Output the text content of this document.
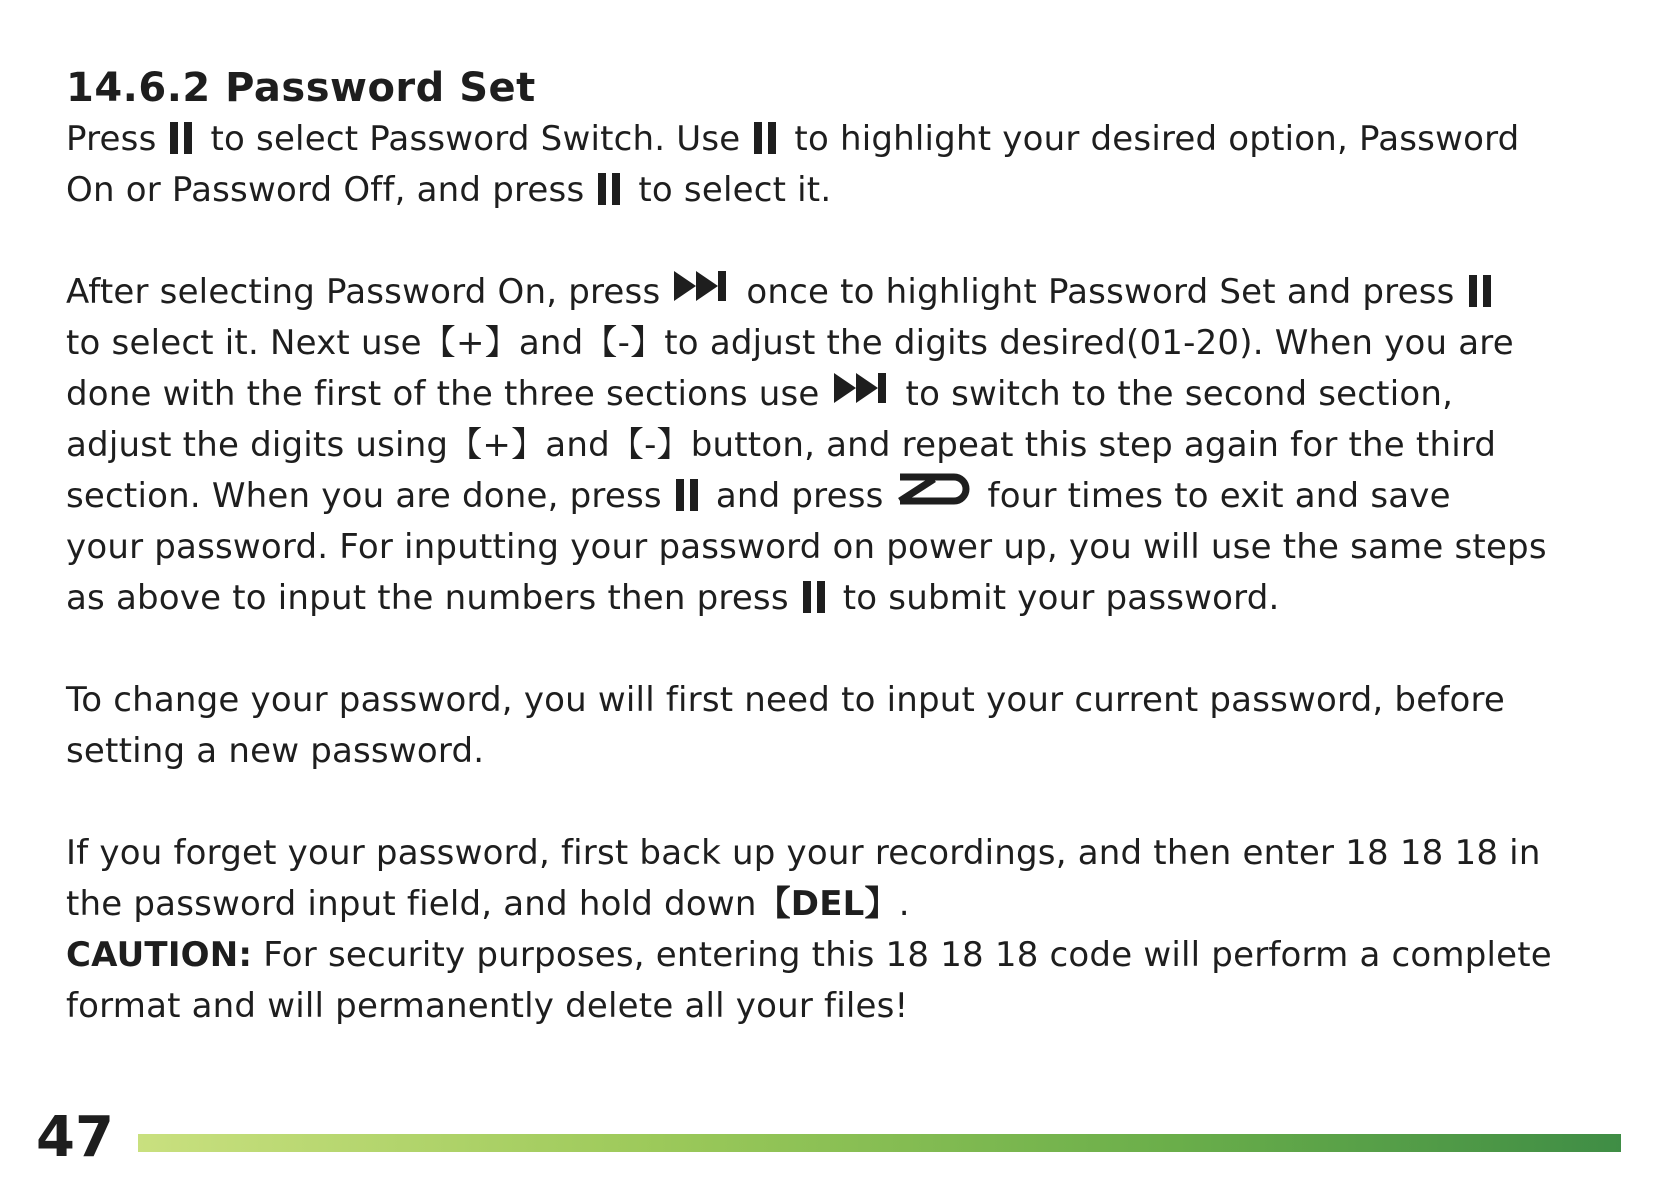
14.6.2 Password Set

Press to select Password Switch. Use to highlight your desired option, Password
On or Password Off, and press to select it.

After selecting Password On, press	once to highlight Password Set and press
to select it. Next use【+】and【-】to adjust the digits desired(01-20). When you are
done with the first of the three sections use	to switch to the second section,
adjust the digits using【+】and【-】button, and repeat this step again for the third
section. When you are done, press and press	four times to exit and save
your password. For inputting your password on power up, you will use the same steps
as above to input the numbers then press to submit your password.

To change your password, you will first need to input your current password, before
setting a new password.

If you forget your password, first back up your recordings, and then enter 18 18 18 in
the password input field, and hold down【DEL】.
CAUTION: For security purposes, entering this 18 18 18 code will perform a complete
format and will permanently delete all your files!

47
